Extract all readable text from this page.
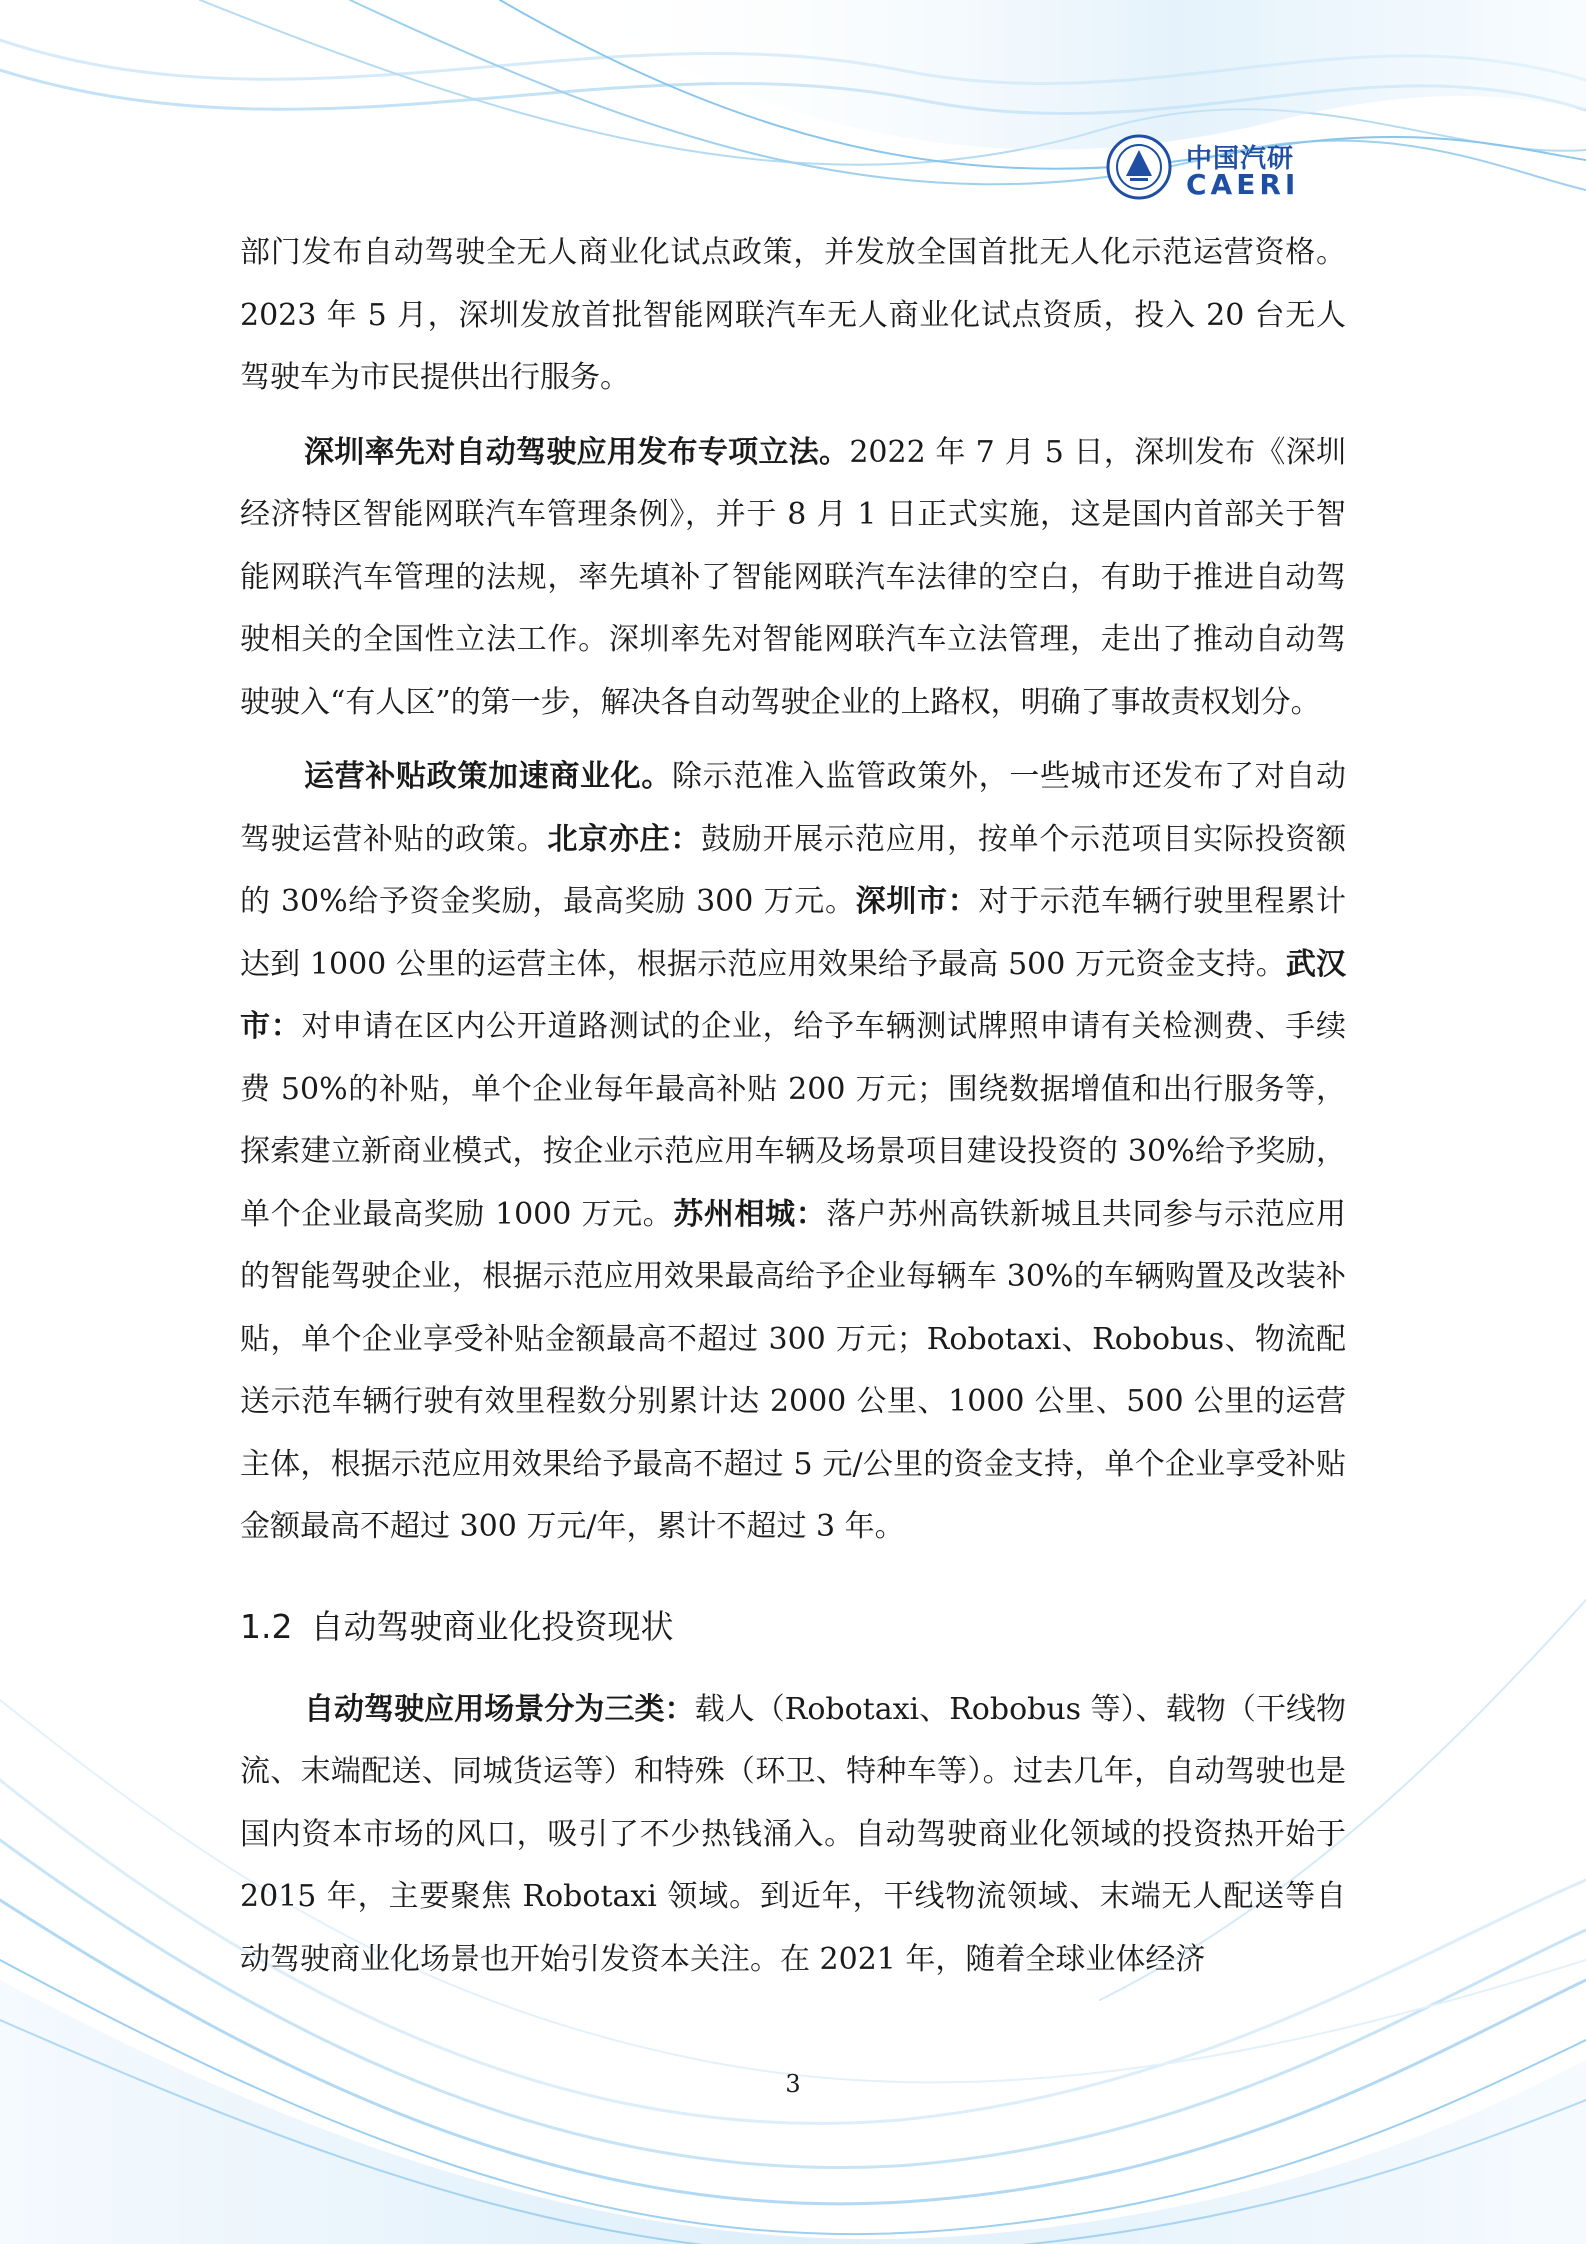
中国汽研
CAERI

部门发布自动驾驶全无人商业化试点政策，并发放全国首批无人化示范运营资格。2023 年 5 月，深圳发放首批智能网联汽车无人商业化试点资质，投入 20 台无人驾驶车为市民提供出行服务。

深圳率先对自动驾驶应用发布专项立法。2022 年 7 月 5 日，深圳发布《深圳经济特区智能网联汽车管理条例》，并于 8 月 1 日正式实施，这是国内首部关于智能网联汽车管理的法规，率先填补了智能网联汽车法律的空白，有助于推进自动驾驶相关的全国性立法工作。深圳率先对智能网联汽车立法管理，走出了推动自动驾驶驶入“有人区”的第一步，解决各自动驾驶企业的上路权，明确了事故责权划分。

运营补贴政策加速商业化。除示范准入监管政策外，一些城市还发布了对自动驾驶运营补贴的政策。北京亦庄：鼓励开展示范应用，按单个示范项目实际投资额的 30%给予资金奖励，最高奖励 300 万元。深圳市：对于示范车辆行驶里程累计达到 1000 公里的运营主体，根据示范应用效果给予最高 500 万元资金支持。武汉市：对申请在区内公开道路测试的企业，给予车辆测试牌照申请有关检测费、手续费 50%的补贴，单个企业每年最高补贴 200 万元；围绕数据增值和出行服务等，探索建立新商业模式，按企业示范应用车辆及场景项目建设投资的 30%给予奖励，单个企业最高奖励 1000 万元。苏州相城：落户苏州高铁新城且共同参与示范应用的智能驾驶企业，根据示范应用效果最高给予企业每辆车 30%的车辆购置及改装补贴，单个企业享受补贴金额最高不超过 300 万元；Robotaxi、Robobus、物流配送示范车辆行驶有效里程数分别累计达 2000 公里、1000 公里、500 公里的运营主体，根据示范应用效果给予最高不超过 5 元/公里的资金支持，单个企业享受补贴金额最高不超过 300 万元/年，累计不超过 3 年。

1.2 自动驾驶商业化投资现状

自动驾驶应用场景分为三类：载人（Robotaxi、Robobus 等）、载物（干线物流、末端配送、同城货运等）和特殊（环卫、特种车等）。过去几年，自动驾驶也是国内资本市场的风口，吸引了不少热钱涌入。自动驾驶商业化领域的投资热开始于 2015 年，主要聚焦 Robotaxi 领域。到近年，干线物流领域、末端无人配送等自动驾驶商业化场景也开始引发资本关注。在 2021 年，随着全球业体经济

3
